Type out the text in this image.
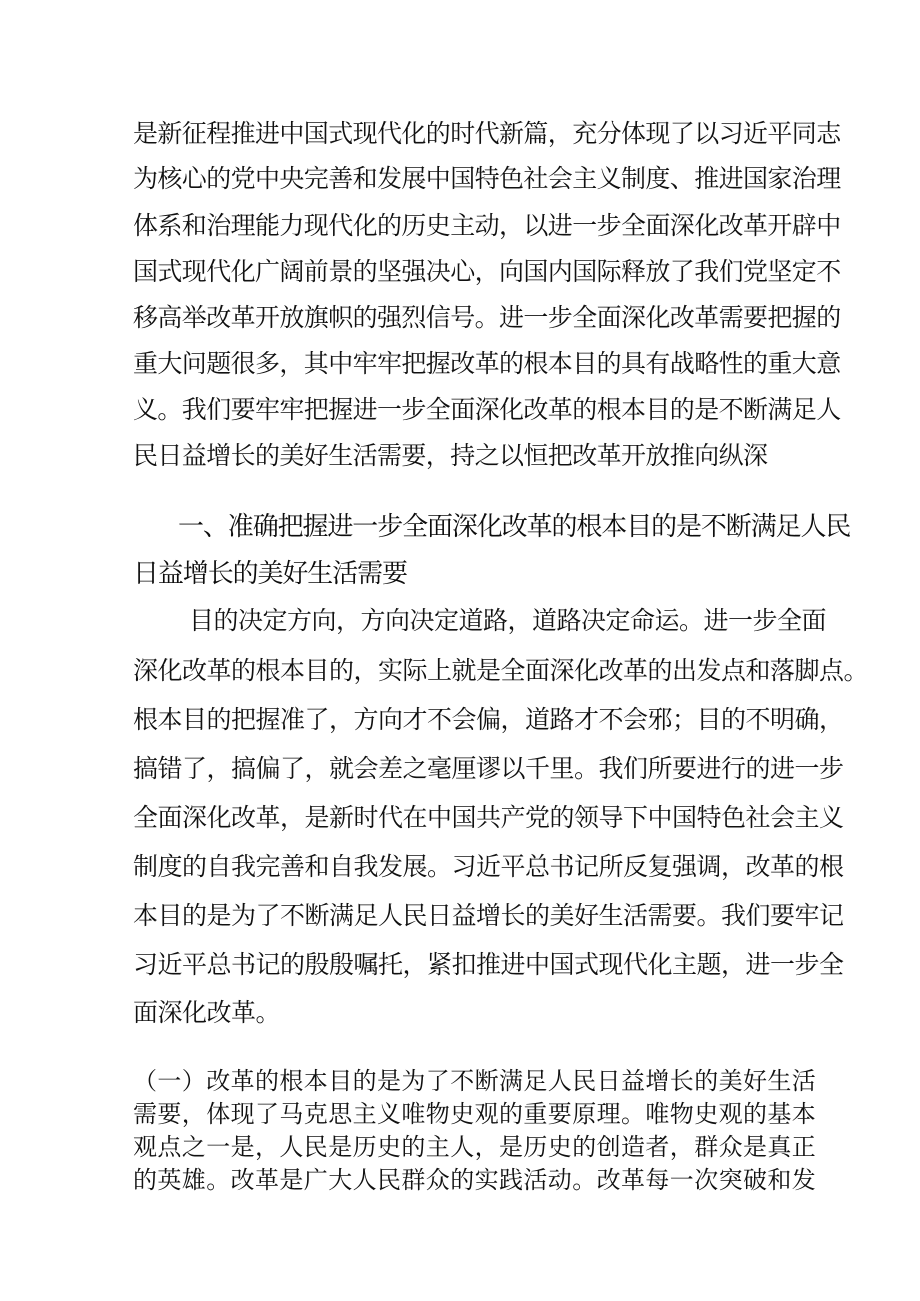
是新征程推进中国式现代化的时代新篇，充分体现了以习近平同志

为核心的党中央完善和发展中国特色社会主义制度、推进国家治理

体系和治理能力现代化的历史主动，以进一步全面深化改革开辟中

国式现代化广阔前景的坚强决心，向国内国际释放了我们党坚定不

移高举改革开放旗帜的强烈信号。进一步全面深化改革需要把握的

重大问题很多，其中牢牢把握改革的根本目的具有战略性的重大意

义。我们要牢牢把握进一步全面深化改革的根本目的是不断满足人

民日益增长的美好生活需要，持之以恒把改革开放推向纵深

一、准确把握进一步全面深化改革的根本目的是不断满足人民

日益增长的美好生活需要

目的决定方向，方向决定道路，道路决定命运。进一步全面

深化改革的根本目的，实际上就是全面深化改革的出发点和落脚点。

根本目的把握准了，方向才不会偏，道路才不会邪；目的不明确，

搞错了，搞偏了，就会差之毫厘谬以千里。我们所要进行的进一步

全面深化改革，是新时代在中国共产党的领导下中国特色社会主义

制度的自我完善和自我发展。习近平总书记所反复强调，改革的根

本目的是为了不断满足人民日益增长的美好生活需要。我们要牢记

习近平总书记的殷殷嘱托，紧扣推进中国式现代化主题，进一步全

面深化改革。

（一）改革的根本目的是为了不断满足人民日益增长的美好生活

需要，体现了马克思主义唯物史观的重要原理。唯物史观的基本

观点之一是，人民是历史的主人，是历史的创造者，群众是真正

的英雄。改革是广大人民群众的实践活动。改革每一次突破和发
